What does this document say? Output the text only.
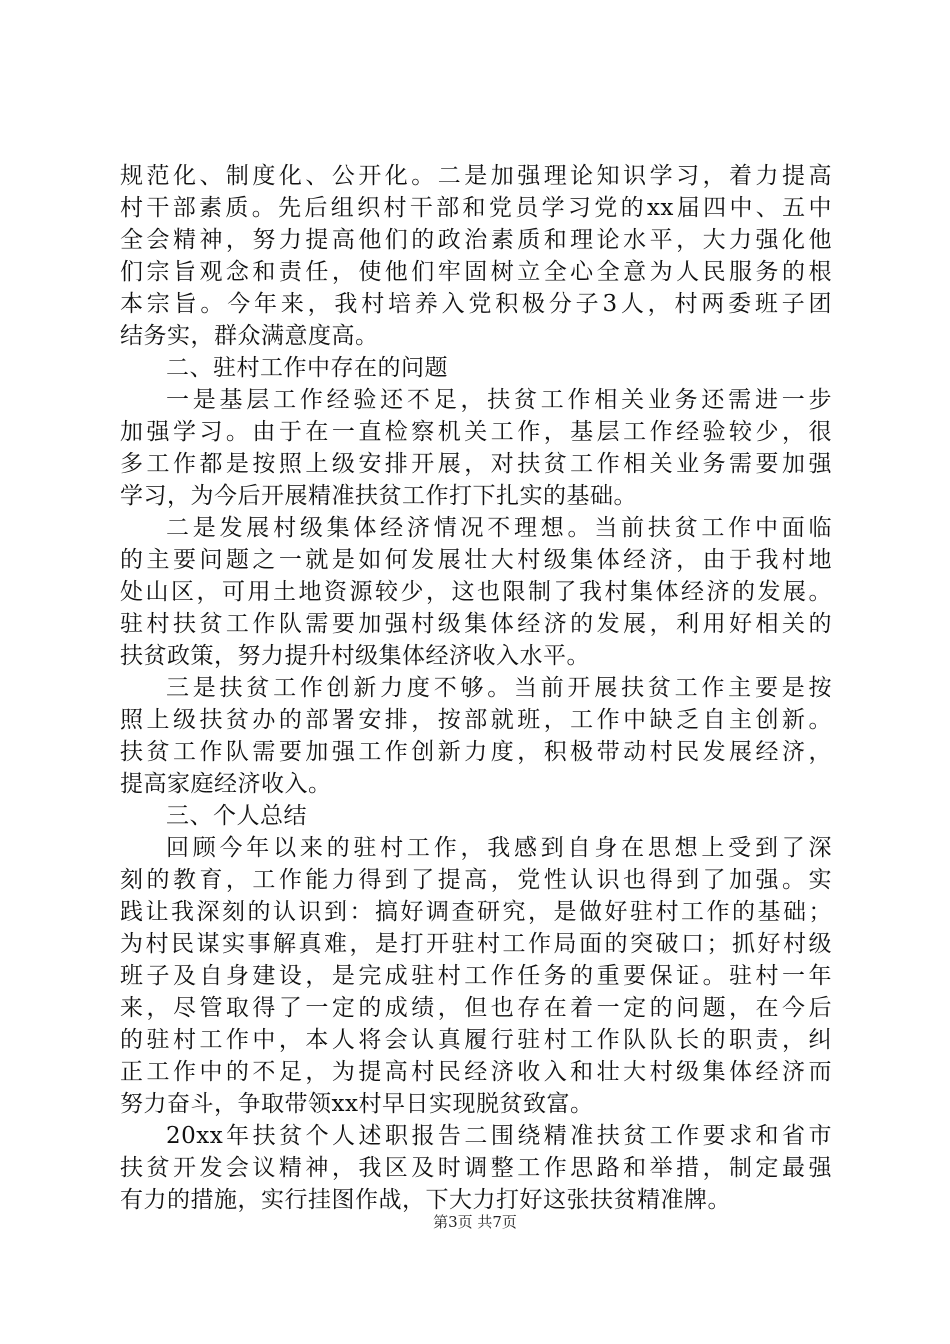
规范化、制度化、公开化。二是加强理论知识学习，着力提高
村干部素质。先后组织村干部和党员学习党的xx届四中、五中
全会精神，努力提高他们的政治素质和理论水平，大力强化他
们宗旨观念和责任，使他们牢固树立全心全意为人民服务的根
本宗旨。今年来，我村培养入党积极分子3人，村两委班子团
结务实，群众满意度高。
二、驻村工作中存在的问题
一是基层工作经验还不足，扶贫工作相关业务还需进一步
加强学习。由于在一直检察机关工作，基层工作经验较少，很
多工作都是按照上级安排开展，对扶贫工作相关业务需要加强
学习，为今后开展精准扶贫工作打下扎实的基础。
二是发展村级集体经济情况不理想。当前扶贫工作中面临
的主要问题之一就是如何发展壮大村级集体经济，由于我村地
处山区，可用土地资源较少，这也限制了我村集体经济的发展。
驻村扶贫工作队需要加强村级集体经济的发展，利用好相关的
扶贫政策，努力提升村级集体经济收入水平。
三是扶贫工作创新力度不够。当前开展扶贫工作主要是按
照上级扶贫办的部署安排，按部就班，工作中缺乏自主创新。
扶贫工作队需要加强工作创新力度，积极带动村民发展经济，
提高家庭经济收入。
三、个人总结
回顾今年以来的驻村工作，我感到自身在思想上受到了深
刻的教育，工作能力得到了提高，党性认识也得到了加强。实
践让我深刻的认识到：搞好调查研究，是做好驻村工作的基础；
为村民谋实事解真难，是打开驻村工作局面的突破口；抓好村级
班子及自身建设，是完成驻村工作任务的重要保证。驻村一年
来，尽管取得了一定的成绩，但也存在着一定的问题，在今后
的驻村工作中，本人将会认真履行驻村工作队队长的职责，纠
正工作中的不足，为提高村民经济收入和壮大村级集体经济而
努力奋斗，争取带领xx村早日实现脱贫致富。
20xx年扶贫个人述职报告二围绕精准扶贫工作要求和省市
扶贫开发会议精神，我区及时调整工作思路和举措，制定最强
有力的措施，实行挂图作战，下大力打好这张扶贫精准牌。
第3页 共7页
